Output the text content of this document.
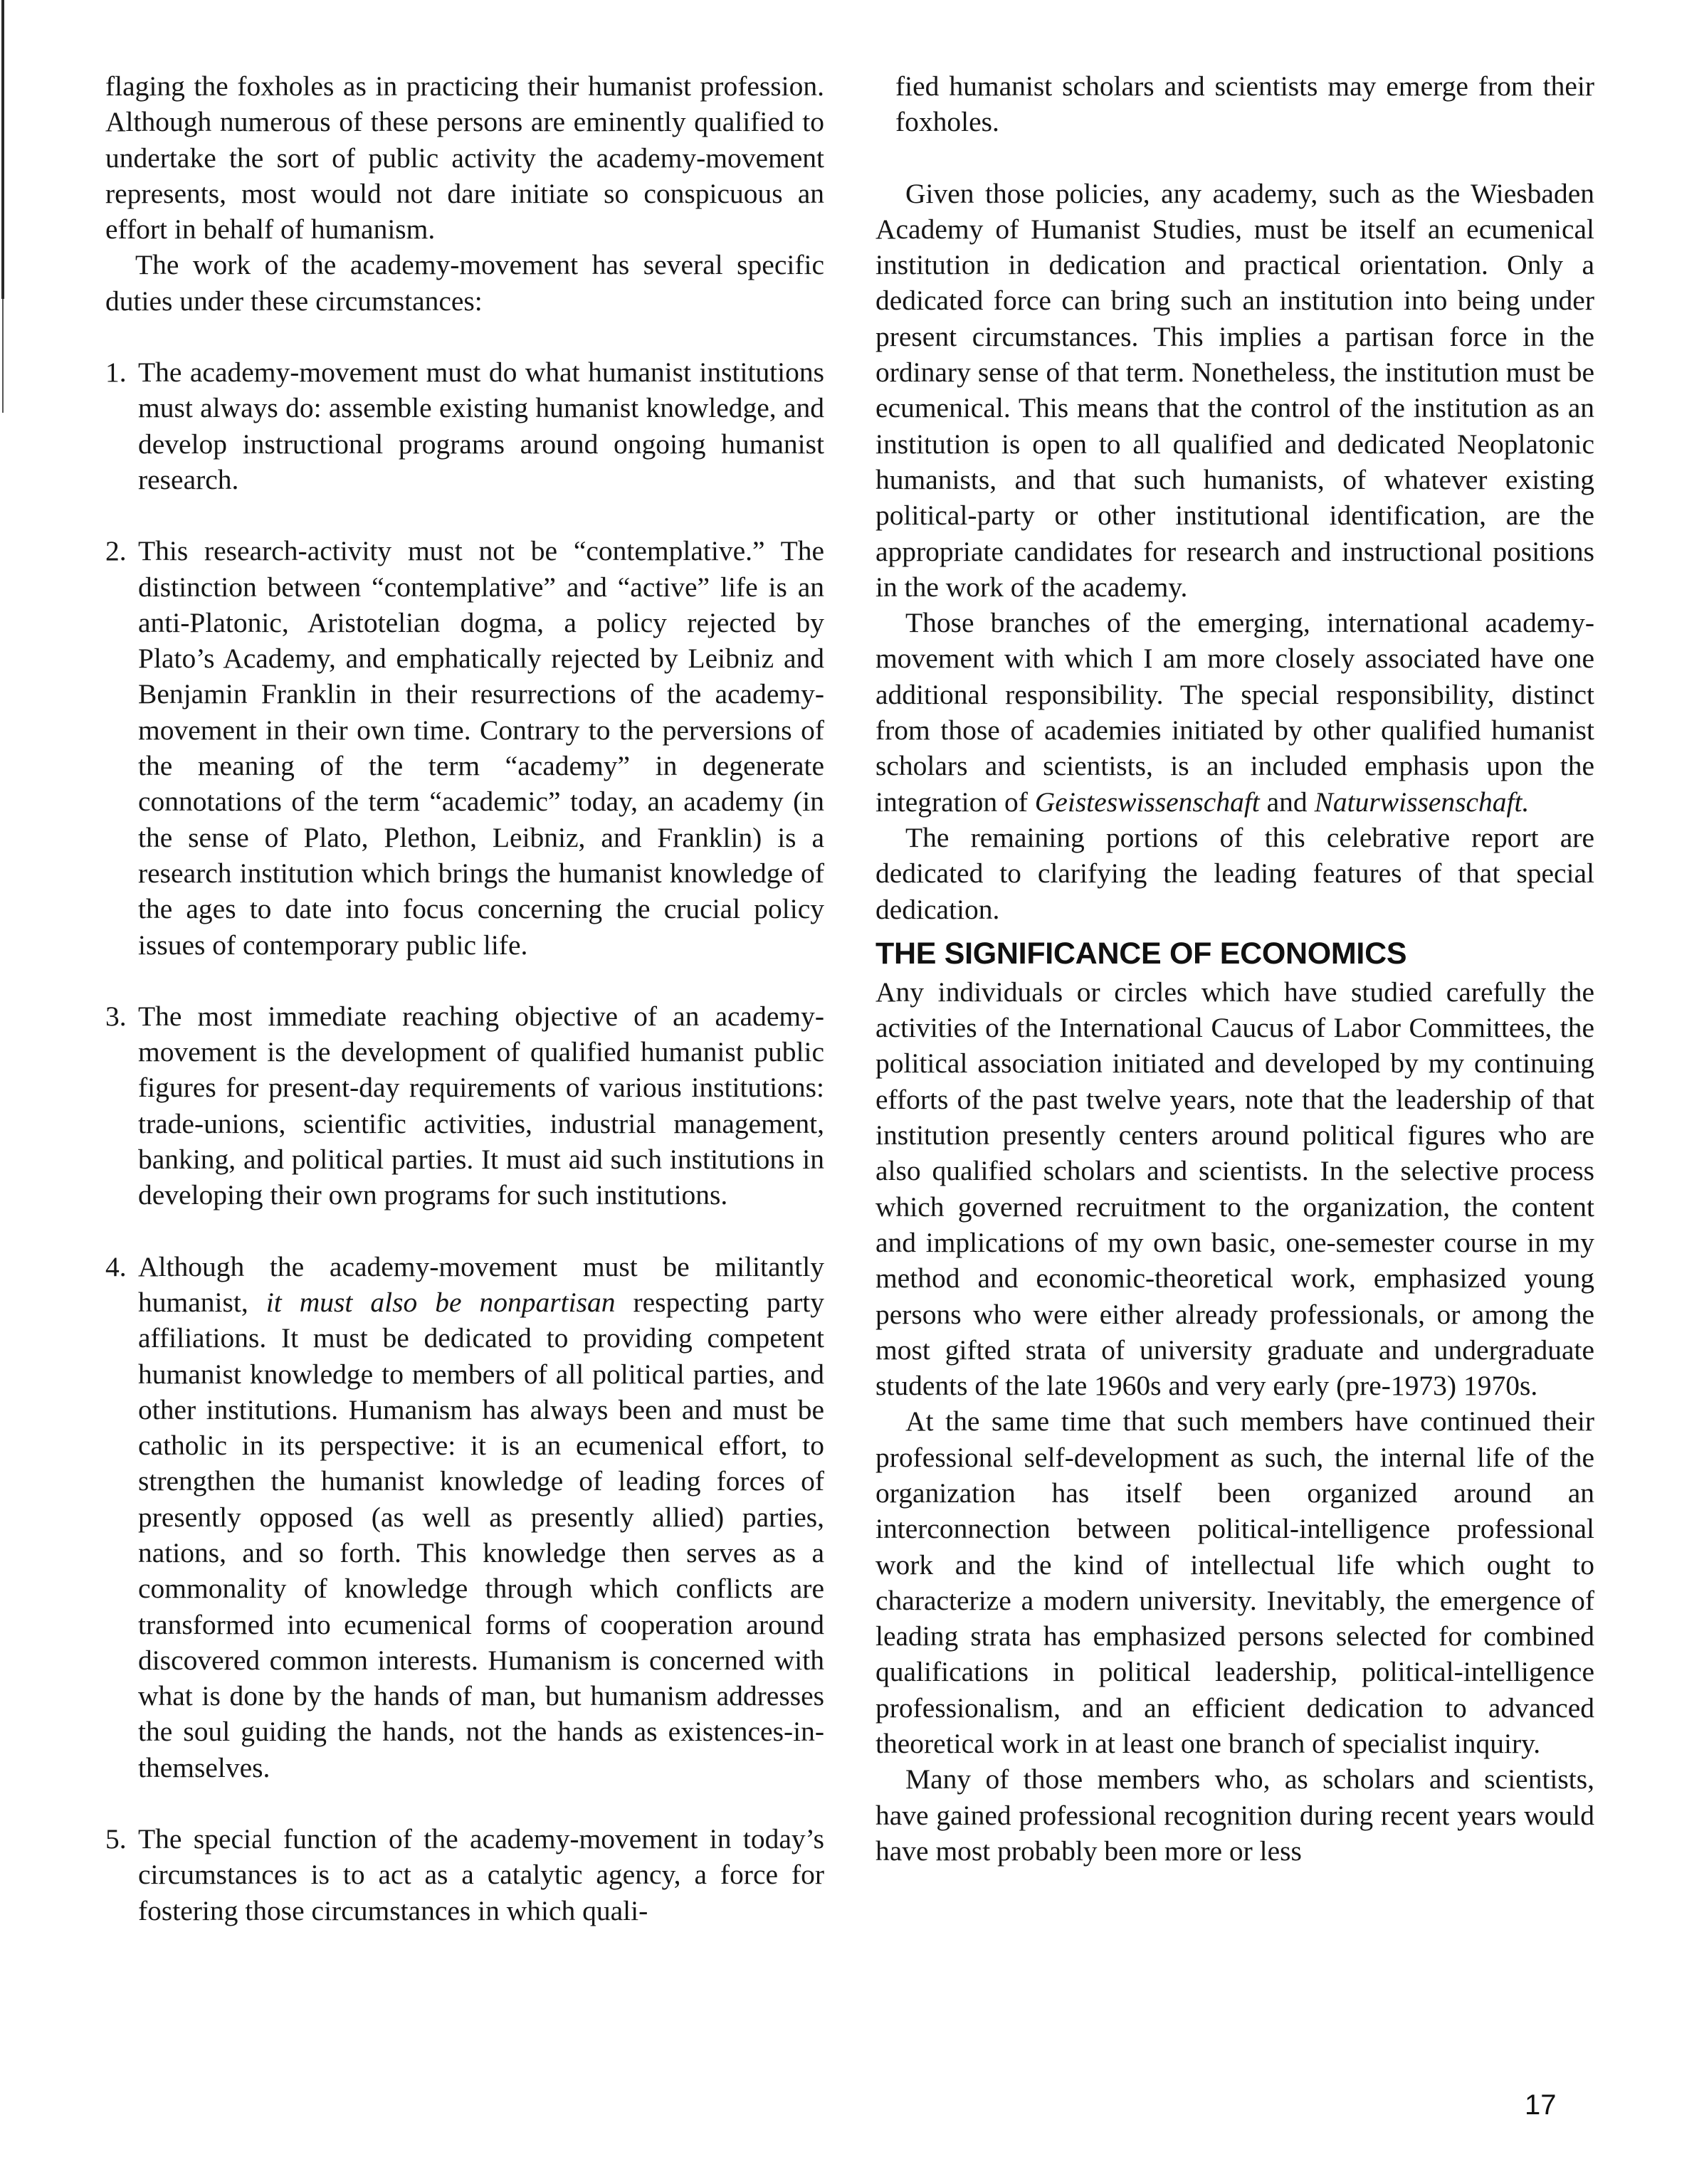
flaging the foxholes as in practicing their humanist profession. Although numerous of these persons are eminently qualified to undertake the sort of public activity the academy-movement represents, most would not dare initiate so conspicuous an effort in behalf of humanism.

The work of the academy-movement has several specific duties under these circumstances:

1. The academy-movement must do what humanist institutions must always do: assemble existing humanist knowledge, and develop instructional programs around ongoing humanist research.
2. This research-activity must not be “contemplative.” The distinction between “contemplative” and “active” life is an anti-Platonic, Aristotelian dogma, a policy rejected by Plato’s Academy, and emphatically rejected by Leibniz and Benjamin Franklin in their resurrections of the academy-movement in their own time. Contrary to the perversions of the meaning of the term “academy” in degenerate connotations of the term “academic” today, an academy (in the sense of Plato, Plethon, Leibniz, and Franklin) is a research institution which brings the humanist knowledge of the ages to date into focus concerning the crucial policy issues of contemporary public life.
3. The most immediate reaching objective of an academy-movement is the development of qualified humanist public figures for present-day requirements of various institutions: trade-unions, scientific activities, industrial management, banking, and political parties. It must aid such institutions in developing their own programs for such institutions.
4. Although the academy-movement must be militantly humanist, it must also be nonpartisan respecting party affiliations. It must be dedicated to providing competent humanist knowledge to members of all political parties, and other institutions. Humanism has always been and must be catholic in its perspective: it is an ecumenical effort, to strengthen the humanist knowledge of leading forces of presently opposed (as well as presently allied) parties, nations, and so forth. This knowledge then serves as a commonality of knowledge through which conflicts are transformed into ecumenical forms of cooperation around discovered common interests. Humanism is concerned with what is done by the hands of man, but humanism addresses the soul guiding the hands, not the hands as existences-in-themselves.
5. The special function of the academy-movement in today’s circumstances is to act as a catalytic agency, a force for fostering those circumstances in which quali-

fied humanist scholars and scientists may emerge from their foxholes.

Given those policies, any academy, such as the Wiesbaden Academy of Humanist Studies, must be itself an ecumenical institution in dedication and practical orientation. Only a dedicated force can bring such an institution into being under present circumstances. This implies a partisan force in the ordinary sense of that term. Nonetheless, the institution must be ecumenical. This means that the control of the institution as an institution is open to all qualified and dedicated Neoplatonic humanists, and that such humanists, of whatever existing political-party or other institutional identification, are the appropriate candidates for research and instructional positions in the work of the academy.

Those branches of the emerging, international academy-movement with which I am more closely associated have one additional responsibility. The special responsibility, distinct from those of academies initiated by other qualified humanist scholars and scientists, is an included emphasis upon the integration of Geisteswissenschaft and Naturwissenschaft.

The remaining portions of this celebrative report are dedicated to clarifying the leading features of that special dedication.

THE SIGNIFICANCE OF ECONOMICS

Any individuals or circles which have studied carefully the activities of the International Caucus of Labor Committees, the political association initiated and developed by my continuing efforts of the past twelve years, note that the leadership of that institution presently centers around political figures who are also qualified scholars and scientists. In the selective process which governed recruitment to the organization, the content and implications of my own basic, one-semester course in my method and economic-theoretical work, emphasized young persons who were either already professionals, or among the most gifted strata of university graduate and undergraduate students of the late 1960s and very early (pre-1973) 1970s.

At the same time that such members have continued their professional self-development as such, the internal life of the organization has itself been organized around an interconnection between political-intelligence professional work and the kind of intellectual life which ought to characterize a modern university. Inevitably, the emergence of leading strata has emphasized persons selected for combined qualifications in political leadership, political-intelligence professionalism, and an efficient dedication to advanced theoretical work in at least one branch of specialist inquiry.

Many of those members who, as scholars and scientists, have gained professional recognition during recent years would have most probably been more or less

17
